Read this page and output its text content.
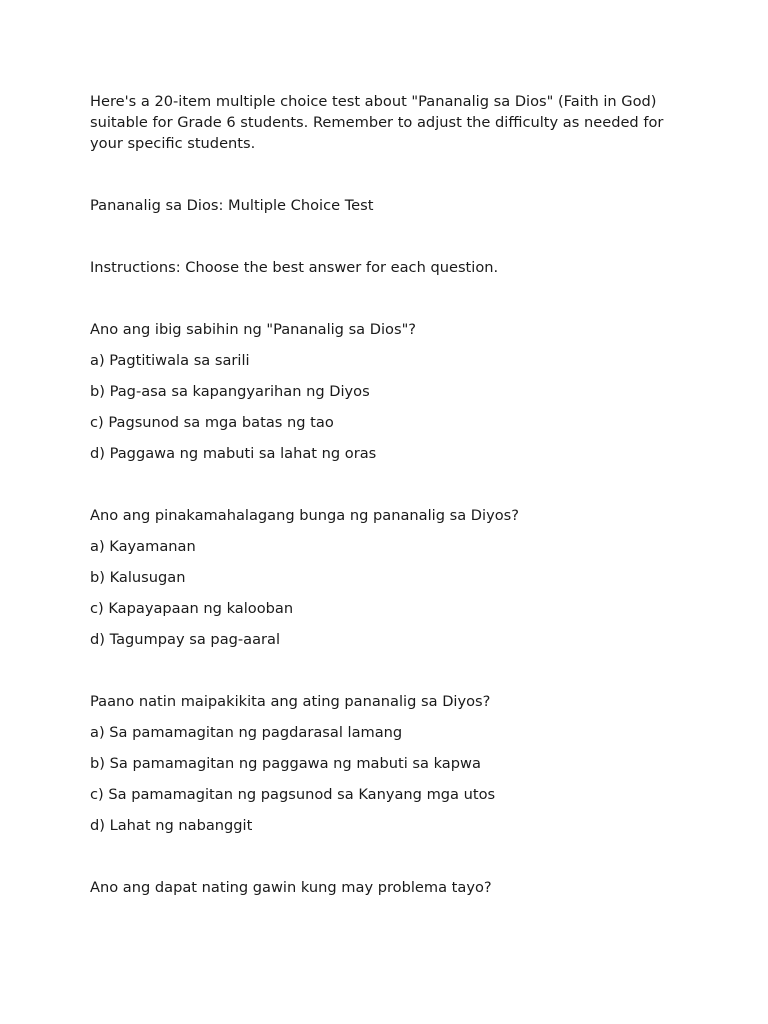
Here's a 20-item multiple choice test about "Pananalig sa Dios" (Faith in God) suitable for Grade 6 students. Remember to adjust the difficulty as needed for your specific students.

Pananalig sa Dios: Multiple Choice Test

Instructions: Choose the best answer for each question.

Ano ang ibig sabihin ng "Pananalig sa Dios"?

a) Pagtitiwala sa sarili

b) Pag-asa sa kapangyarihan ng Diyos

c) Pagsunod sa mga batas ng tao

d) Paggawa ng mabuti sa lahat ng oras

Ano ang pinakamahalagang bunga ng pananalig sa Diyos?

a) Kayamanan

b) Kalusugan

c) Kapayapaan ng kalooban

d) Tagumpay sa pag-aaral

Paano natin maipakikita ang ating pananalig sa Diyos?

a) Sa pamamagitan ng pagdarasal lamang

b) Sa pamamagitan ng paggawa ng mabuti sa kapwa

c) Sa pamamagitan ng pagsunod sa Kanyang mga utos

d) Lahat ng nabanggit

Ano ang dapat nating gawin kung may problema tayo?
